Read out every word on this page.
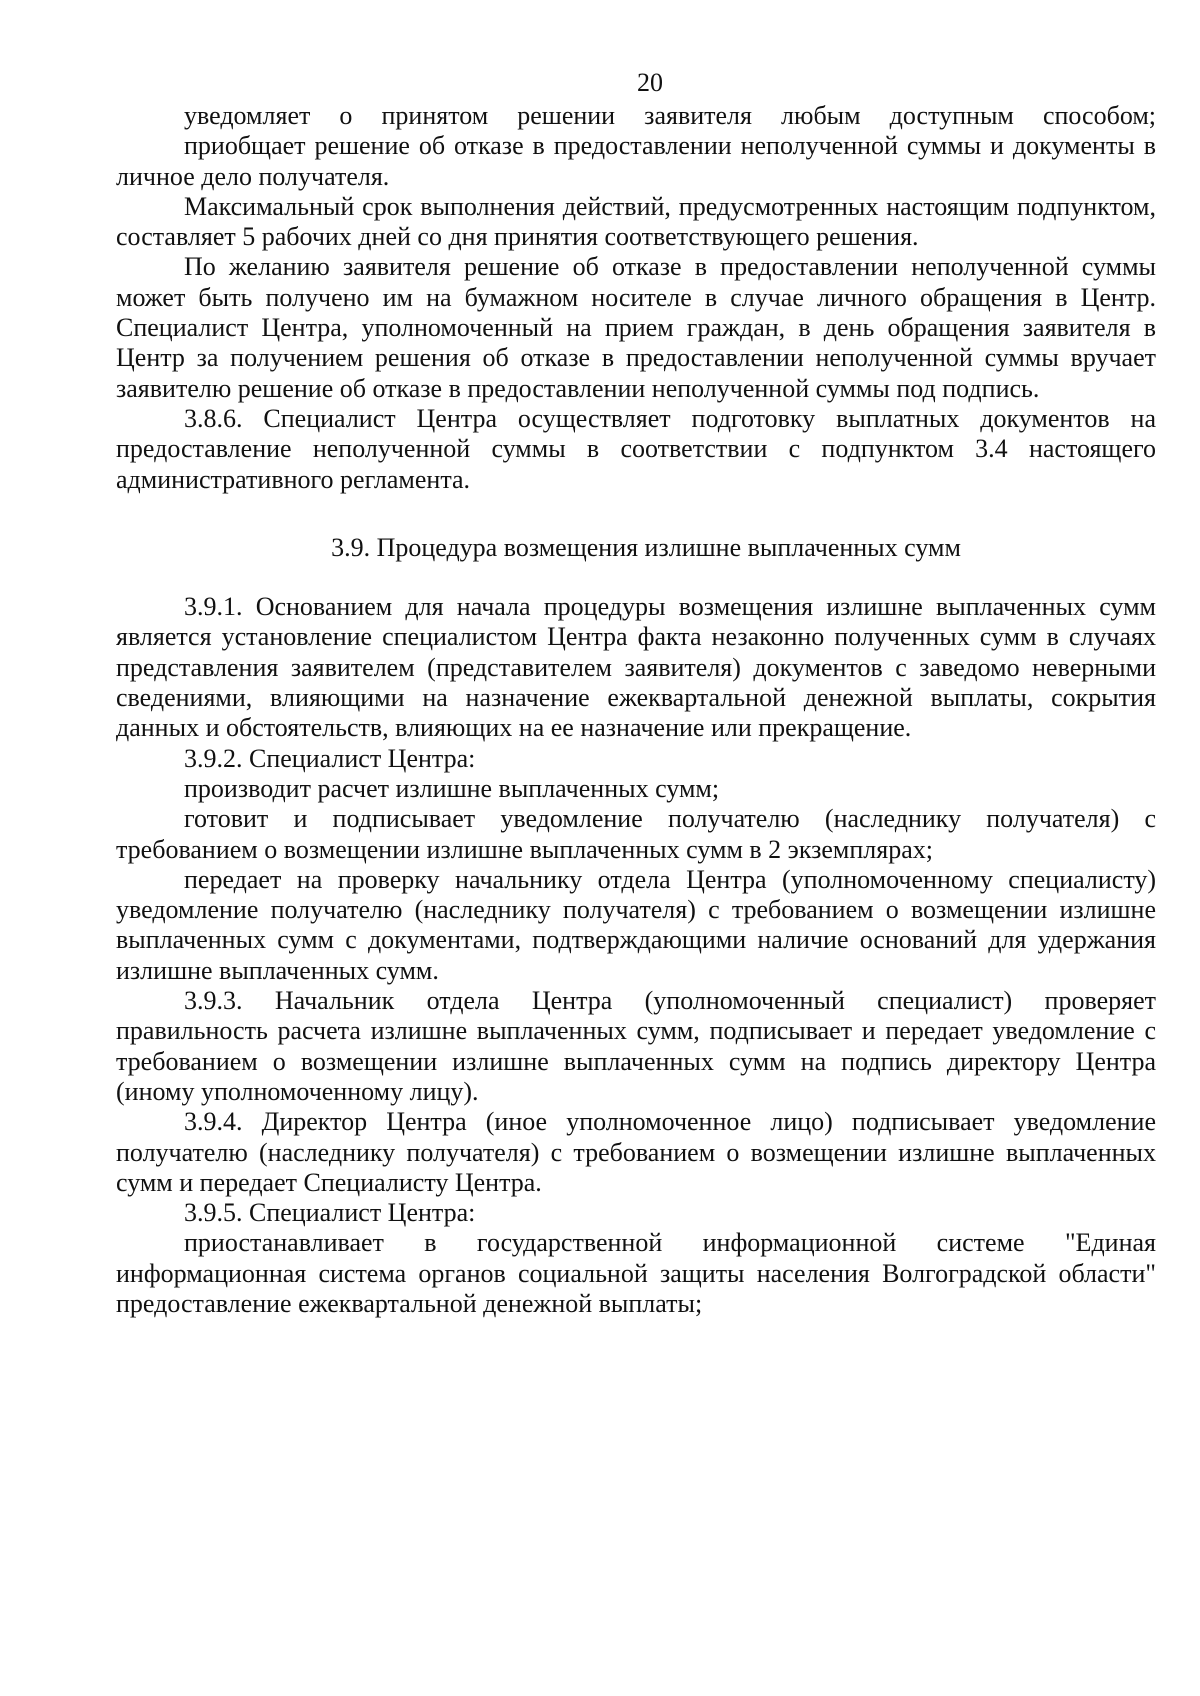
20

уведомляет о принятом решении заявителя любым доступным способом;

приобщает решение об отказе в предоставлении неполученной суммы и документы в личное дело получателя.

Максимальный срок выполнения действий, предусмотренных настоящим подпунктом, составляет 5 рабочих дней со дня принятия соответствующего решения.

По желанию заявителя решение об отказе в предоставлении неполученной суммы может быть получено им на бумажном носителе в случае личного обращения в Центр. Специалист Центра, уполномоченный на прием граждан, в день обращения заявителя в Центр за получением решения об отказе в предоставлении неполученной суммы вручает заявителю решение об отказе в предоставлении неполученной суммы под подпись.

3.8.6. Специалист Центра осуществляет подготовку выплатных документов на предоставление неполученной суммы в соответствии с подпунктом 3.4 настоящего административного регламента.

3.9. Процедура возмещения излишне выплаченных сумм

3.9.1. Основанием для начала процедуры возмещения излишне выплаченных сумм является установление специалистом Центра факта незаконно полученных сумм в случаях представления заявителем (представителем заявителя) документов с заведомо неверными сведениями, влияющими на назначение ежеквартальной денежной выплаты, сокрытия данных и обстоятельств, влияющих на ее назначение или прекращение.

3.9.2. Специалист Центра:

производит расчет излишне выплаченных сумм;

готовит и подписывает уведомление получателю (наследнику получателя) с требованием о возмещении излишне выплаченных сумм в 2 экземплярах;

передает на проверку начальнику отдела Центра (уполномоченному специалисту) уведомление получателю (наследнику получателя) с требованием о возмещении излишне выплаченных сумм с документами, подтверждающими наличие оснований для удержания излишне выплаченных сумм.

3.9.3. Начальник отдела Центра (уполномоченный специалист) проверяет правильность расчета излишне выплаченных сумм, подписывает и передает уведомление с требованием о возмещении излишне выплаченных сумм на подпись директору Центра (иному уполномоченному лицу).

3.9.4. Директор Центра (иное уполномоченное лицо) подписывает уведомление получателю (наследнику получателя) с требованием о возмещении излишне выплаченных сумм и передает Специалисту Центра.

3.9.5. Специалист Центра:

приостанавливает в государственной информационной системе "Единая информационная система органов социальной защиты населения Волгоградской области" предоставление ежеквартальной денежной выплаты;
